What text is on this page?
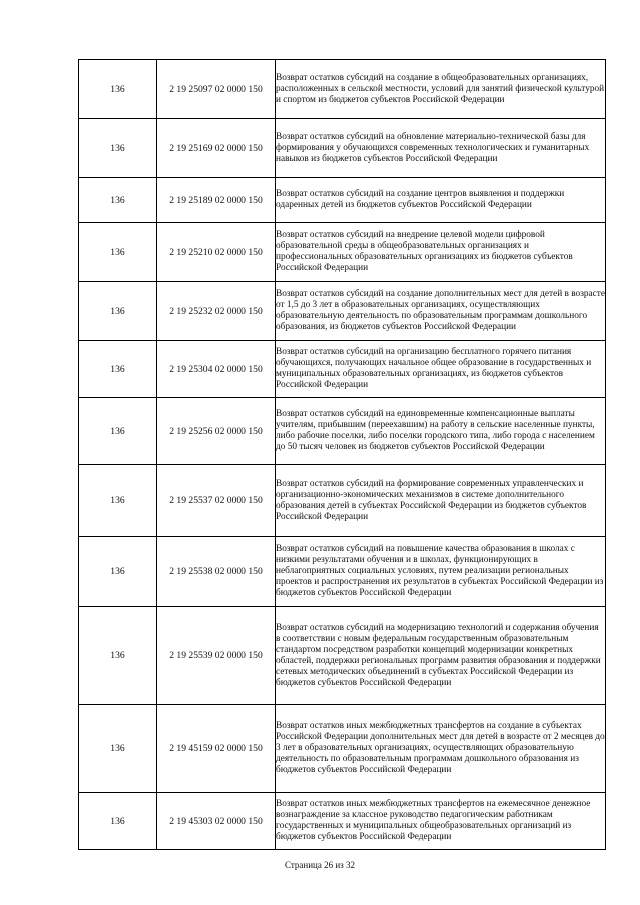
136	2 19 25097 02 0000 150	Возврат остатков субсидий на создание в общеобразовательных организациях, расположенных в сельской местности, условий для занятий физической культурой и спортом из бюджетов субъектов Российской Федерации
136	2 19 25169 02 0000 150	Возврат остатков субсидий на обновление материально-технической базы для формирования у обучающихся современных технологических и гуманитарных навыков из бюджетов субъектов Российской Федерации
136	2 19 25189 02 0000 150	Возврат остатков субсидий на создание центров выявления и поддержки одаренных детей из бюджетов субъектов Российской Федерации
136	2 19 25210 02 0000 150	Возврат остатков субсидий на внедрение целевой модели цифровой образовательной среды в общеобразовательных организациях и профессиональных образовательных организациях из бюджетов субъектов Российской Федерации
136	2 19 25232 02 0000 150	Возврат остатков субсидий на создание дополнительных мест для детей в возрасте от 1,5 до 3 лет в образовательных организациях, осуществляющих образовательную деятельность по образовательным программам дошкольного образования, из бюджетов субъектов Российской Федерации
136	2 19 25304 02 0000 150	Возврат остатков субсидий на организацию бесплатного горячего питания обучающихся, получающих начальное общее образование в государственных и муниципальных образовательных организациях, из бюджетов субъектов Российской Федерации
136	2 19 25256 02 0000 150	Возврат остатков субсидий на единовременные компенсационные выплаты учителям, прибывшим (переехавшим) на работу в сельские населенные пункты, либо рабочие поселки, либо поселки городского типа, либо города с населением до 50 тысяч человек из бюджетов субъектов Российской Федерации
136	2 19 25537 02 0000 150	Возврат остатков субсидий на формирование современных управленческих и организационно-экономических механизмов в системе дополнительного образования детей в субъектах Российской Федерации из бюджетов субъектов Российской Федерации
136	2 19 25538 02 0000 150	Возврат остатков субсидий на повышение качества образования в школах с низкими результатами обучения и в школах, функционирующих в неблагоприятных социальных условиях, путем реализации региональных проектов и распространения их результатов в субъектах Российской Федерации из бюджетов субъектов Российской Федерации
136	2 19 25539 02 0000 150	Возврат остатков субсидий на модернизацию технологий и содержания обучения в соответствии с новым федеральным государственным образовательным стандартом посредством разработки концепций модернизации конкретных областей, поддержки региональных программ развития образования и поддержки сетевых методических объединений в субъектах Российской Федерации из бюджетов субъектов Российской Федерации
136	2 19 45159 02 0000 150	Возврат остатков иных межбюджетных трансфертов на создание в субъектах Российской Федерации дополнительных мест для детей в возрасте от 2 месяцев до 3 лет в образовательных организациях, осуществляющих образовательную деятельность по образовательным программам дошкольного образования из бюджетов субъектов Российской Федерации
136	2 19 45303 02 0000 150	Возврат остатков иных межбюджетных трансфертов на ежемесячное денежное вознаграждение за классное руководство педагогическим работникам государственных и муниципальных общеобразовательных организаций из бюджетов субъектов Российской Федерации
Страница 26 из 32
